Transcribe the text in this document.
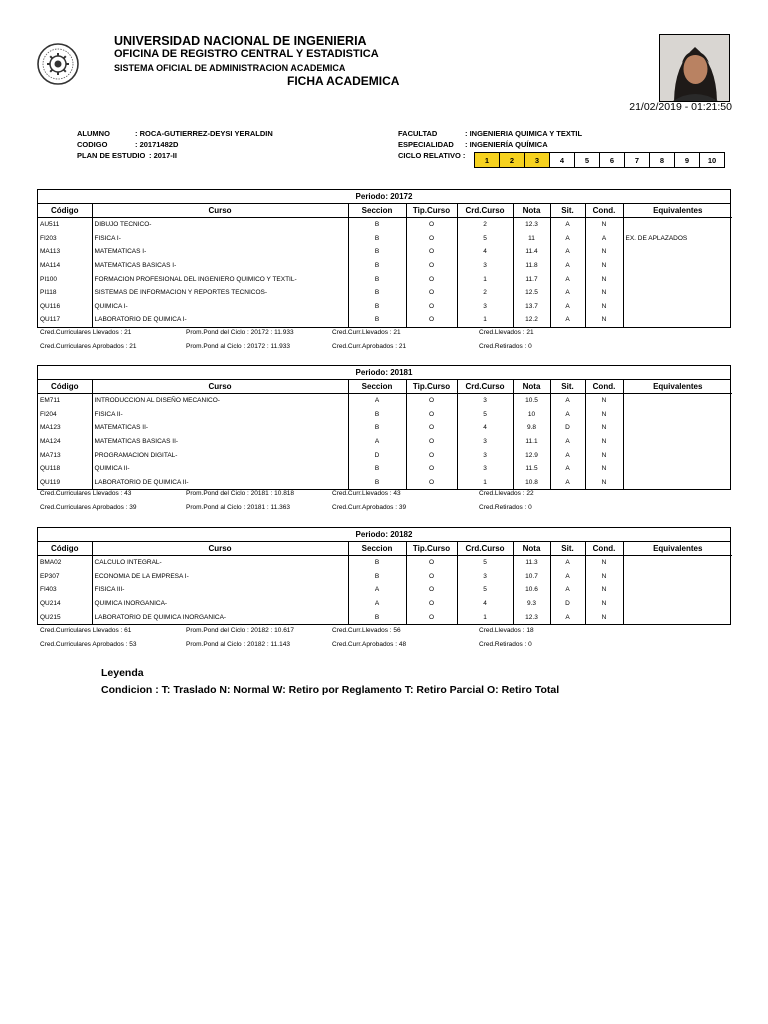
UNIVERSIDAD NACIONAL DE INGENIERIA
OFICINA DE REGISTRO CENTRAL Y ESTADISTICA
SISTEMA OFICIAL DE ADMINISTRACION ACADEMICA
FICHA ACADEMICA
21/02/2019 - 01:21:50
ALUMNO	: ROCA-GUTIERREZ-DEYSI YERALDIN
CODIGO	: 20171482D
PLAN DE ESTUDIO : 2017-II
FACULTAD	: INGENIERIA QUIMICA Y TEXTIL
ESPECIALIDAD : INGENIERÍA QUÍMICA
CICLO RELATIVO :	1	2	3	4	5	6	7	8	9	10
Periodo: 20172
Código	Curso	Seccion	Tip.Curso	Crd.Curso	Nota	Sit.	Cond.	Equivalentes
AU511	DIBUJO TECNICO-	B	O	2	12.3	A	N	
FI203	FISICA I-	B	O	5	11	A	A	EX. DE APLAZADOS
MA113	MATEMATICAS I-	B	O	4	11.4	A	N	
MA114	MATEMATICAS BASICAS I-	B	O	3	11.8	A	N	
PI100	FORMACION PROFESIONAL DEL INGENIERO QUIMICO Y TEXTIL-	B	O	1	11.7	A	N	
PI118	SISTEMAS DE INFORMACION Y REPORTES TECNICOS-	B	O	2	12.5	A	N	
QU116	QUIMICA I-	B	O	3	13.7	A	N	
QU117	LABORATORIO DE QUIMICA I-	B	O	1	12.2	A	N	
Cred.Curriculares Llevados : 21	Prom.Pond del Ciclo : 20172 : 11.933	Cred.Curr.Llevados : 21	Cred.Llevados : 21
Cred.Curriculares Aprobados : 21	Prom.Pond al Ciclo : 20172 : 11.933	Cred.Curr.Aprobados : 21	Cred.Retirados : 0
Periodo: 20181
Código	Curso	Seccion	Tip.Curso	Crd.Curso	Nota	Sit.	Cond.	Equivalentes
EM711	INTRODUCCION AL DISEÑO MECANICO-	A	O	3	10.5	A	N	
FI204	FISICA II-	B	O	5	10	A	N	
MA123	MATEMATICAS II-	B	O	4	9.8	D	N	
MA124	MATEMATICAS BASICAS II-	A	O	3	11.1	A	N	
MA713	PROGRAMACION DIGITAL-	D	O	3	12.9	A	N	
QU118	QUIMICA II-	B	O	3	11.5	A	N	
QU119	LABORATORIO DE QUIMICA II-	B	O	1	10.8	A	N	
Cred.Curriculares Llevados : 43	Prom.Pond del Ciclo : 20181 : 10.818	Cred.Curr.Llevados : 43	Cred.Llevados : 22
Cred.Curriculares Aprobados : 39	Prom.Pond al Ciclo : 20181 : 11.363	Cred.Curr.Aprobados : 39	Cred.Retirados : 0
Periodo: 20182
Código	Curso	Seccion	Tip.Curso	Crd.Curso	Nota	Sit.	Cond.	Equivalentes
BMA02	CALCULO INTEGRAL-	B	O	5	11.3	A	N	
EP307	ECONOMIA DE LA EMPRESA I-	B	O	3	10.7	A	N	
FI403	FISICA III-	A	O	5	10.6	A	N	
QU214	QUIMICA INORGANICA-	A	O	4	9.3	D	N	
QU215	LABORATORIO DE QUIMICA INORGANICA-	B	O	1	12.3	A	N	
Cred.Curriculares Llevados : 61	Prom.Pond del Ciclo : 20182 : 10.617	Cred.Curr.Llevados : 56	Cred.Llevados : 18
Cred.Curriculares Aprobados : 53	Prom.Pond al Ciclo : 20182 : 11.143	Cred.Curr.Aprobados : 48	Cred.Retirados : 0
Leyenda
Condicion : T: Traslado N: Normal W: Retiro por Reglamento T: Retiro Parcial O: Retiro Total
